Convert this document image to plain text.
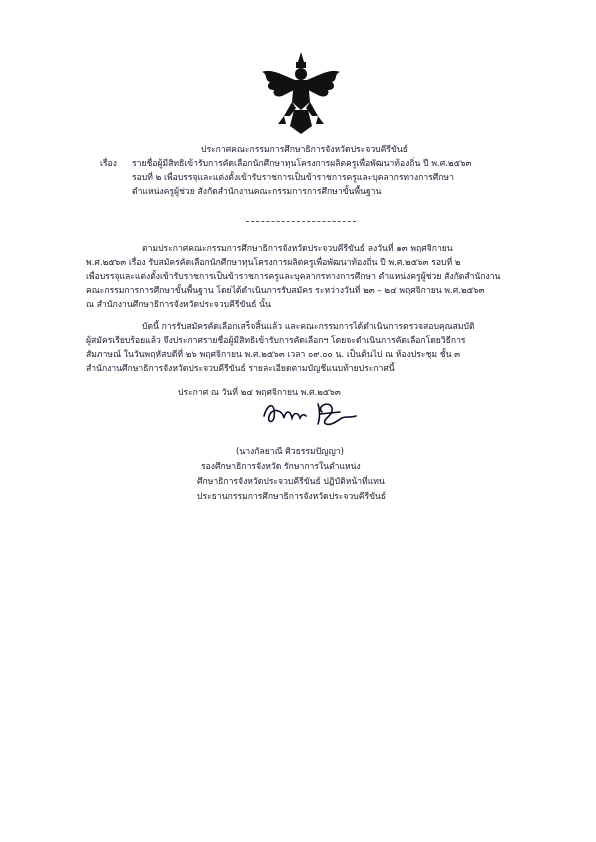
ประกาศคณะกรรมการศึกษาธิการจังหวัดประจวบคีรีขันธ์
เรื่อง รายชื่อผู้มีสิทธิเข้ารับการคัดเลือกนักศึกษาทุนโครงการผลิตครูเพื่อพัฒนาท้องถิ่น ปี พ.ศ.๒๕๖๓
รอบที่ ๒ เพื่อบรรจุและแต่งตั้งเข้ารับราชการเป็นข้าราชการครูและบุคลากรทางการศึกษา
ตำแหน่งครูผู้ช่วย สังกัดสำนักงานคณะกรรมการการศึกษาขั้นพื้นฐาน
ตามประกาศคณะกรรมการศึกษาธิการจังหวัดประจวบคีรีขันธ์ ลงวันที่ ๑๓ พฤศจิกายน
พ.ศ.๒๕๖๓ เรื่อง รับสมัครคัดเลือกนักศึกษาทุนโครงการผลิตครูเพื่อพัฒนาท้องถิ่น ปี พ.ศ.๒๕๖๓ รอบที่ ๒
เพื่อบรรจุและแต่งตั้งเข้ารับราชการเป็นข้าราชการครูและบุคลากรทางการศึกษา ตำแหน่งครูผู้ช่วย สังกัดสำนักงาน
คณะกรรมการการศึกษาขั้นพื้นฐาน โดยได้ดำเนินการรับสมัคร ระหว่างวันที่ ๒๓ – ๒๔ พฤศจิกายน พ.ศ.๒๕๖๓
ณ สำนักงานศึกษาธิการจังหวัดประจวบคีรีขันธ์ นั้น
บัดนี้ การรับสมัครคัดเลือกเสร็จสิ้นแล้ว และคณะกรรมการได้ดำเนินการตรวจสอบคุณสมบัติ
ผู้สมัครเรียบร้อยแล้ว จึงประกาศรายชื่อผู้มีสิทธิเข้ารับการคัดเลือกฯ โดยจะดำเนินการคัดเลือกโดยวิธีการ
สัมภาษณ์ ในวันพฤหัสบดีที่ ๒๖ พฤศจิกายน พ.ศ.๒๕๖๓ เวลา ๐๙.๐๐ น. เป็นต้นไป ณ ห้องประชุม ชั้น ๓
สำนักงานศึกษาธิการจังหวัดประจวบคีรีขันธ์ รายละเอียดตามบัญชีแนบท้ายประกาศนี้
ประกาศ ณ วันที่ ๒๔ พฤศจิกายน พ.ศ.๒๕๖๓
(นางกัลยาณี ศิวธรรมปัญญา)
รองศึกษาธิการจังหวัด รักษาการในตำแหน่ง
ศึกษาธิการจังหวัดประจวบคีรีขันธ์ ปฏิบัติหน้าที่แทน
ประธานกรรมการศึกษาธิการจังหวัดประจวบคีรีขันธ์
